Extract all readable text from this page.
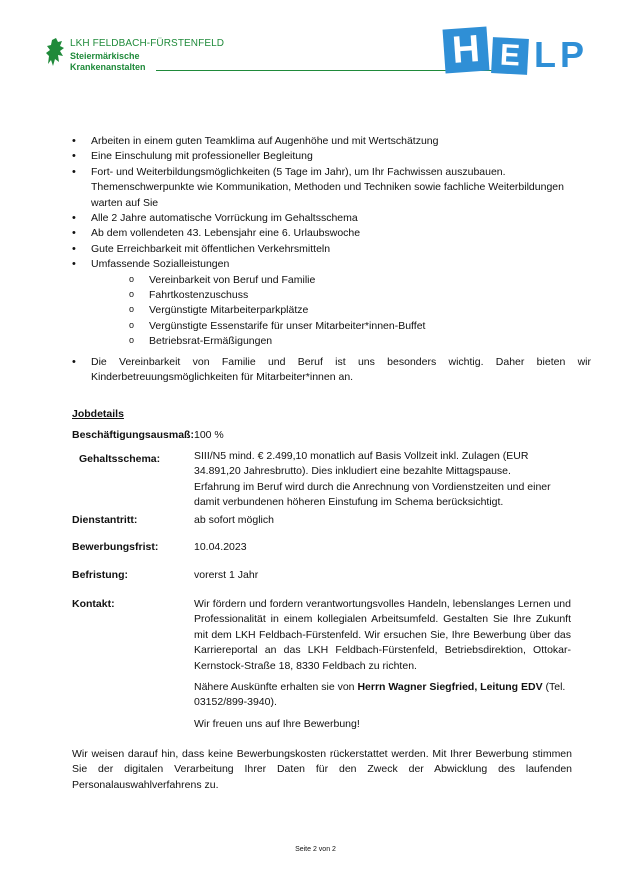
LKH FELDBACH-FÜRSTENFELD
Steiermärkische
Krankenanstalten	H E L P
• Arbeiten in einem guten Teamklima auf Augenhöhe und mit Wertschätzung
• Eine Einschulung mit professioneller Begleitung
• Fort- und Weiterbildungsmöglichkeiten (5 Tage im Jahr), um Ihr Fachwissen auszubauen. Themenschwerpunkte wie Kommunikation, Methoden und Techniken sowie fachliche Weiterbildungen warten auf Sie
• Alle 2 Jahre automatische Vorrückung im Gehaltsschema
• Ab dem vollendeten 43. Lebensjahr eine 6. Urlaubswoche
• Gute Erreichbarkeit mit öffentlichen Verkehrsmitteln
• Umfassende Sozialleistungen
o Vereinbarkeit von Beruf und Familie
o Fahrtkostenzuschuss
o Vergünstigte Mitarbeiterparkplätze
o Vergünstigte Essenstarife für unser Mitarbeiter*innen-Buffet
o Betriebsrat-Ermäßigungen
• Die Vereinbarkeit von Familie und Beruf ist uns besonders wichtig. Daher bieten wir Kinderbetreuungsmöglichkeiten für Mitarbeiter*innen an.
Jobdetails
Beschäftigungsausmaß: 100 %
Gehaltsschema:	SIII/N5 mind. € 2.499,10 monatlich auf Basis Vollzeit inkl. Zulagen (EUR 34.891,20 Jahresbrutto). Dies inkludiert eine bezahlte Mittagspause.
Erfahrung im Beruf wird durch die Anrechnung von Vordienstzeiten und einer damit verbundenen höheren Einstufung im Schema berücksichtigt.
Dienstantritt:	ab sofort möglich
Bewerbungsfrist:	10.04.2023
Befristung:	vorerst 1 Jahr
Kontakt:	Wir fördern und fordern verantwortungsvolles Handeln, lebenslanges Lernen und Professionalität in einem kollegialen Arbeitsumfeld. Gestalten Sie Ihre Zukunft mit dem LKH Feldbach-Fürstenfeld. Wir ersuchen Sie, Ihre Bewerbung über das Karriereportal an das LKH Feldbach-Fürstenfeld, Betriebsdirektion, Ottokar-Kernstock-Straße 18, 8330 Feldbach zu richten.

Nähere Auskünfte erhalten sie von Herrn Wagner Siegfried, Leitung EDV (Tel. 03152/899-3940).

Wir freuen uns auf Ihre Bewerbung!

Wir weisen darauf hin, dass keine Bewerbungskosten rückerstattet werden. Mit Ihrer Bewerbung stimmen Sie der digitalen Verarbeitung Ihrer Daten für den Zweck der Abwicklung des laufenden Personalauswahlverfahrens zu.
Seite 2 von 2
